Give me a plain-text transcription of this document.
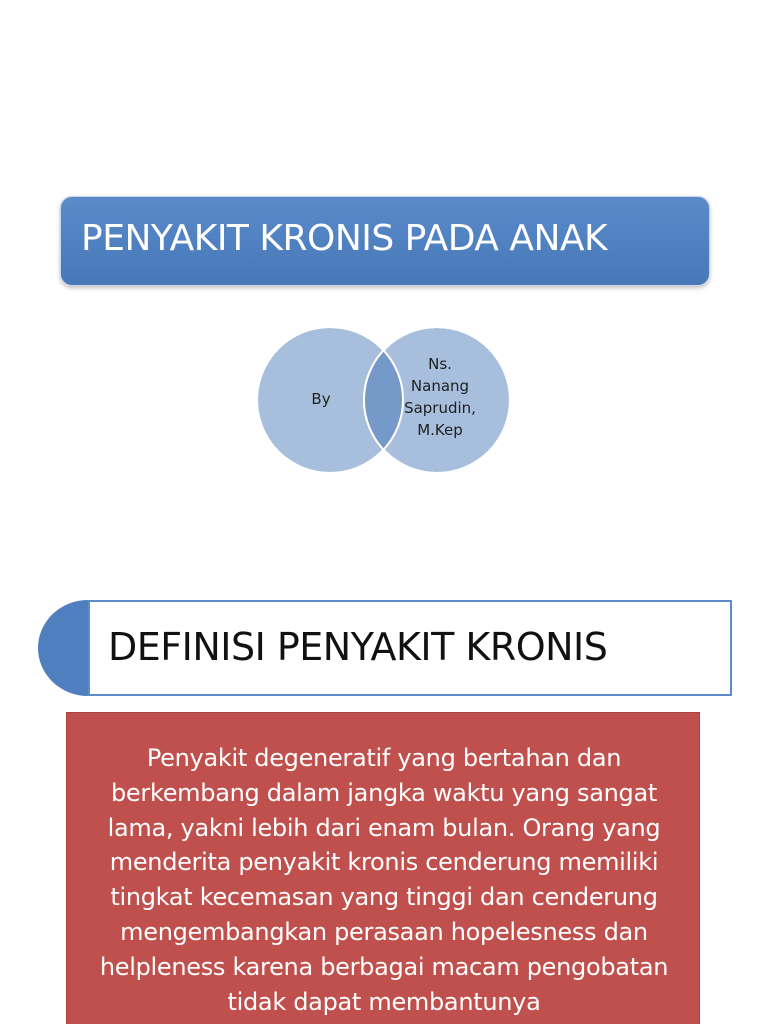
PENYAKIT KRONIS PADA ANAK
By
Ns.
Nanang
Saprudin,
M.Kep
DEFINISI PENYAKIT KRONIS
Penyakit degeneratif yang bertahan dan berkembang dalam jangka waktu yang sangat lama, yakni lebih dari enam bulan. Orang yang menderita penyakit kronis cenderung memiliki tingkat kecemasan yang tinggi dan cenderung mengembangkan perasaan hopelesness dan helpleness karena berbagai macam pengobatan tidak dapat membantunya
